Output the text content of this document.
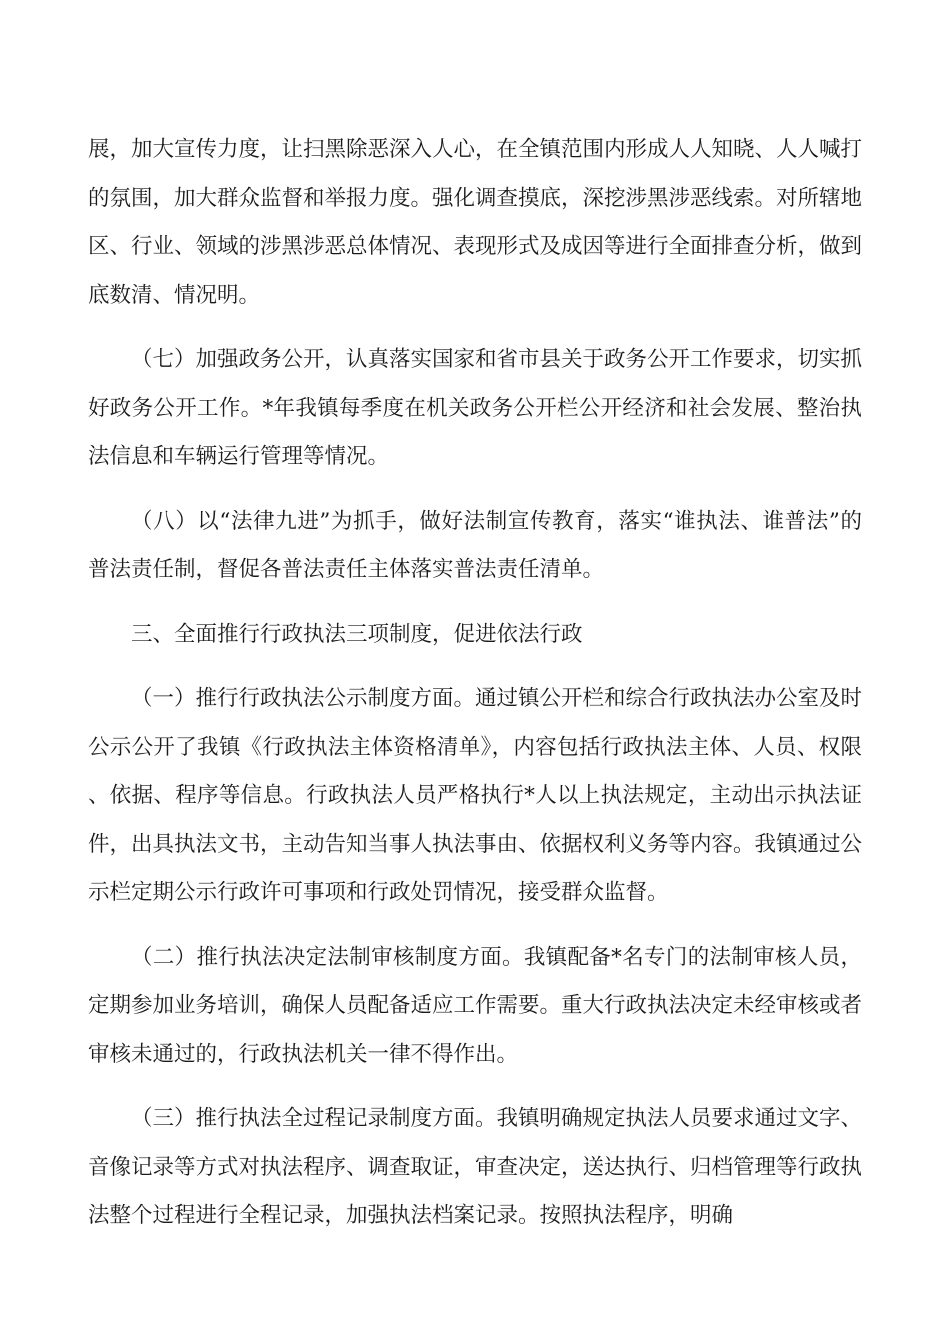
展，加大宣传力度，让扫黑除恶深入人心，在全镇范围内形成人人知晓、人人喊打的氛围，加大群众监督和举报力度。强化调查摸底，深挖涉黑涉恶线索。对所辖地区、行业、领域的涉黑涉恶总体情况、表现形式及成因等进行全面排查分析，做到底数清、情况明。

（七）加强政务公开，认真落实国家和省市县关于政务公开工作要求，切实抓好政务公开工作。*年我镇每季度在机关政务公开栏公开经济和社会发展、整治执法信息和车辆运行管理等情况。

（八）以“法律九进”为抓手，做好法制宣传教育，落实“谁执法、谁普法”的普法责任制，督促各普法责任主体落实普法责任清单。

三、全面推行行政执法三项制度，促进依法行政

（一）推行行政执法公示制度方面。通过镇公开栏和综合行政执法办公室及时公示公开了我镇《行政执法主体资格清单》，内容包括行政执法主体、人员、权限、依据、程序等信息。行政执法人员严格执行*人以上执法规定，主动出示执法证件，出具执法文书，主动告知当事人执法事由、依据权利义务等内容。我镇通过公示栏定期公示行政许可事项和行政处罚情况，接受群众监督。

（二）推行执法决定法制审核制度方面。我镇配备*名专门的法制审核人员，定期参加业务培训，确保人员配备适应工作需要。重大行政执法决定未经审核或者审核未通过的，行政执法机关一律不得作出。

（三）推行执法全过程记录制度方面。我镇明确规定执法人员要求通过文字、音像记录等方式对执法程序、调查取证，审查决定，送达执行、归档管理等行政执法整个过程进行全程记录，加强执法档案记录。按照执法程序，明确
